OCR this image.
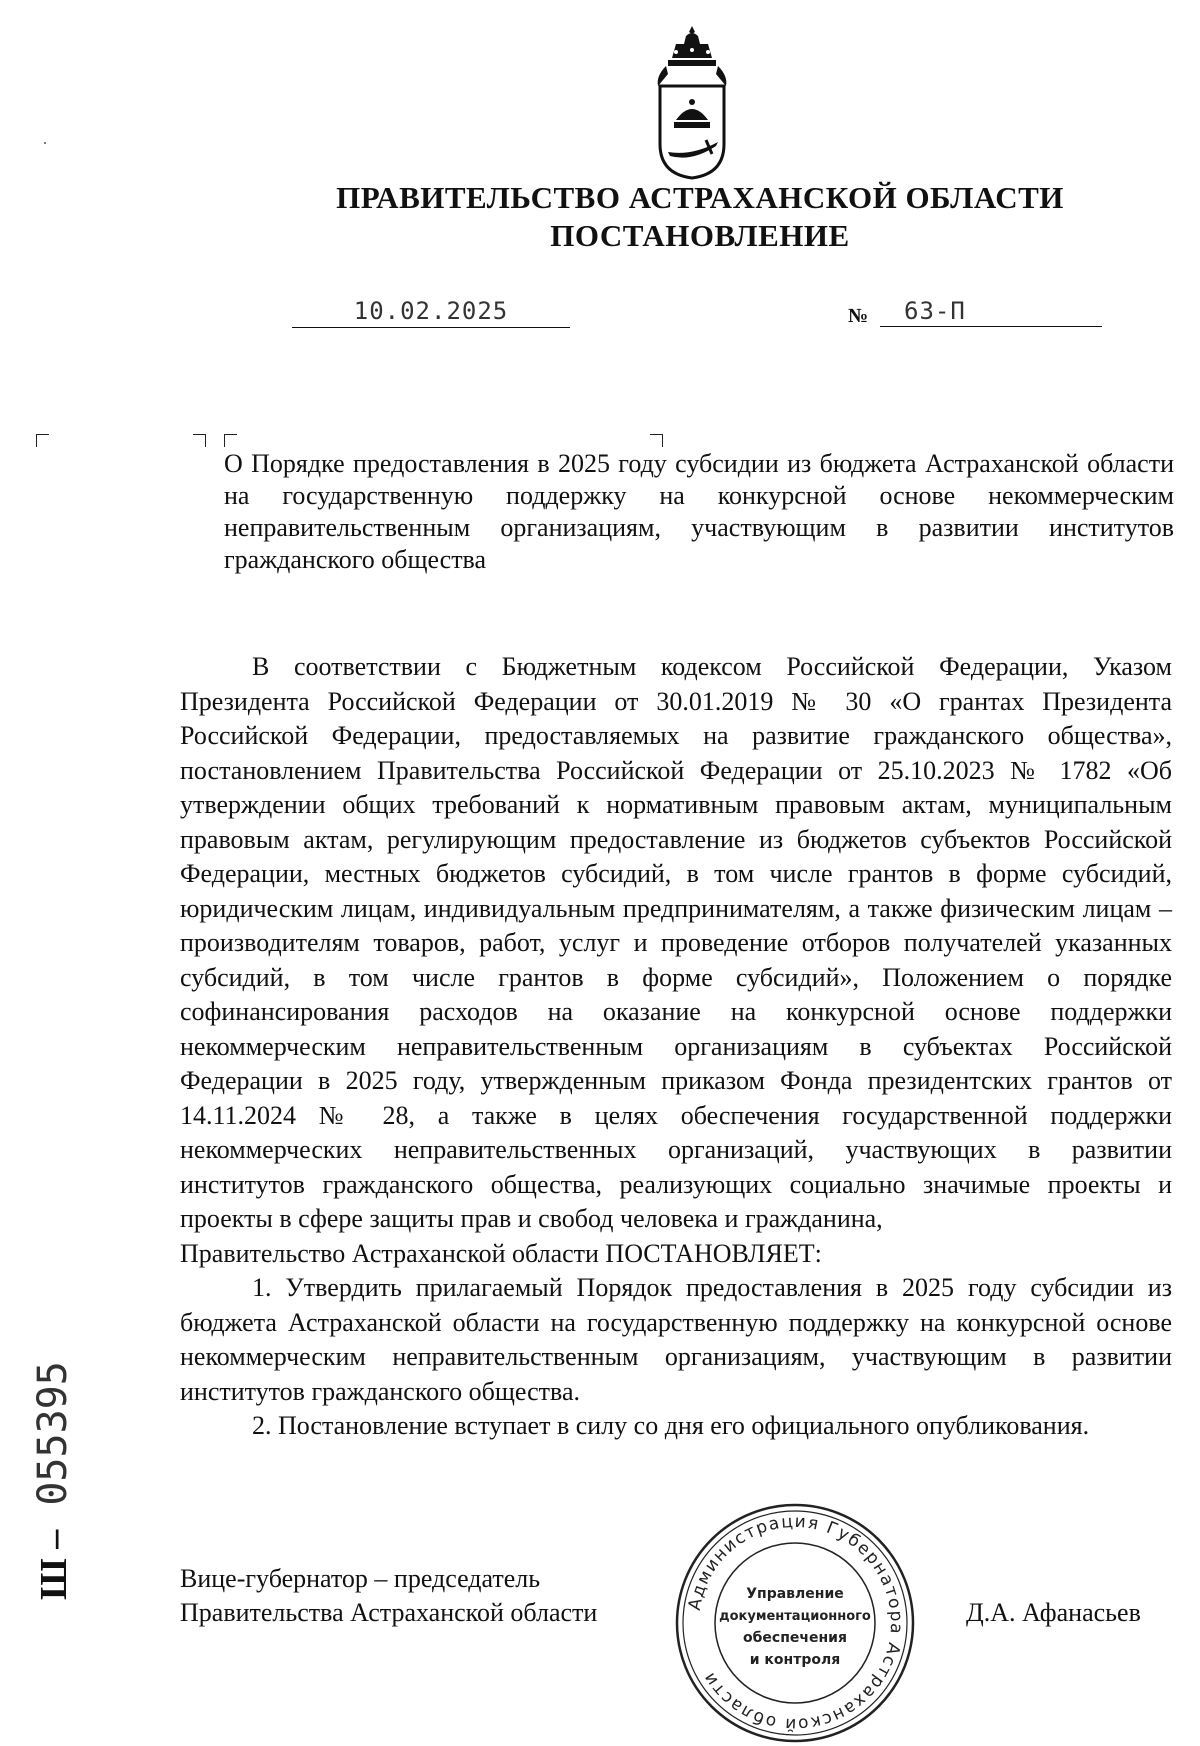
ПРАВИТЕЛЬСТВО АСТРАХАНСКОЙ ОБЛАСТИ
ПОСТАНОВЛЕНИЕ
10.02.2025	№	63-П
О Порядке предоставления в 2025 году субсидии из бюджета Астраханской области на государственную поддержку на конкурсной основе некоммерческим неправительственным организациям, участвующим в развитии институтов гражданского общества

В соответствии с Бюджетным кодексом Российской Федерации, Указом Президента Российской Федерации от 30.01.2019 № 30 «О грантах Президента Российской Федерации, предоставляемых на развитие гражданского общества», постановлением Правительства Российской Федерации от 25.10.2023 № 1782 «Об утверждении общих требований к нормативным правовым актам, муниципальным правовым актам, регулирующим предоставление из бюджетов субъектов Российской Федерации, местных бюджетов субсидий, в том числе грантов в форме субсидий, юридическим лицам, индивидуальным предпринимателям, а также физическим лицам – производителям товаров, работ, услуг и проведение отборов получателей указанных субсидий, в том числе грантов в форме субсидий», Положением о порядке софинансирования расходов на оказание на конкурсной основе поддержки некоммерческим неправительственным организациям в субъектах Российской Федерации в 2025 году, утвержденным приказом Фонда президентских грантов от 14.11.2024 № 28, а также в целях обеспечения государственной поддержки некоммерческих неправительственных организаций, участвующих в развитии институтов гражданского общества, реализующих социально значимые проекты и проекты в сфере защиты прав и свобод человека и гражданина,

Правительство Астраханской области ПОСТАНОВЛЯЕТ:

1. Утвердить прилагаемый Порядок предоставления в 2025 году субсидии из бюджета Астраханской области на государственную поддержку на конкурсной основе некоммерческим неправительственным организациям, участвующим в развитии институтов гражданского общества.

2. Постановление вступает в силу со дня его официального опубликования.

Вице-губернатор – председатель
Правительства Астраханской области	Д.А. Афанасьев
Администрация Губернатора Астраханской области
Управление
документационного
обеспечения
и контроля
Ш – 055395
